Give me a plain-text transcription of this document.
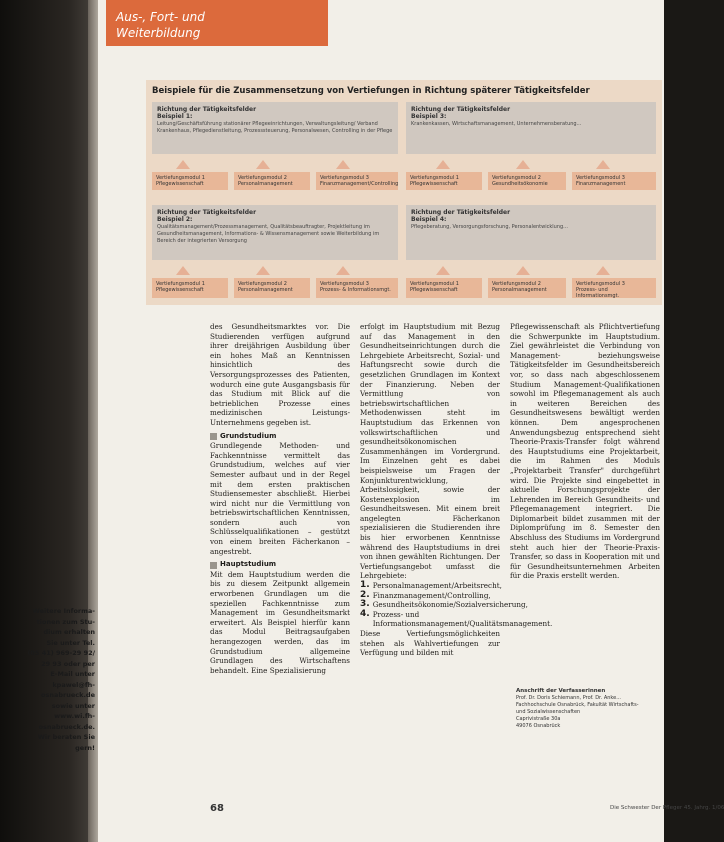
Weitere Informa-
tionen zum Stu-
dium erhalten
Sie unter Tel.
(05 41) 969-29 92/
29 93 oder per
E-Mail unter
kpawel@fh-
osnabrueck.de
sowie unter
www.wi.fh-
osnabrueck.de.
Wir beraten Sie
gern!
Aus-, Fort- und
Weiterbildung
Beispiele für die Zusammensetzung von Vertiefungen in Richtung späterer Tätigkeitsfelder
Richtung der Tätigkeitsfelder
Beispiel 1:
Leitung/Geschäftsführung stationärer Pflegeeinrichtungen, Verwaltungsleitung/ Verband Krankenhaus, Pflegedienstleitung, Prozesssteuerung, Personalwesen, Controlling in der Pflege
Richtung der Tätigkeitsfelder
Beispiel 3:
Krankenkassen, Wirtschaftsmanagement, Unternehmensberatung...
Vertiefungsmodul 1
Pflegewissenschaft
Vertiefungsmodul 2
Personalmanagement
Vertiefungsmodul 3
Finanzmanagement/Controlling
Vertiefungsmodul 1
Pflegewissenschaft
Vertiefungsmodul 2
Gesundheitsökonomie
Vertiefungsmodul 3
Finanzmanagement
Richtung der Tätigkeitsfelder
Beispiel 2:
Qualitätsmanagement/Prozessmanagement, Qualitätsbeauftragter, Projektleitung im Gesundheitsmanagement, Informations- & Wissensmanagement sowie Weiterbildung im Bereich der integrierten Versorgung
Richtung der Tätigkeitsfelder
Beispiel 4:
Pflegeberatung, Versorgungsforschung, Personalentwicklung...
Vertiefungsmodul 1
Pflegewissenschaft
Vertiefungsmodul 2
Personalmanagement
Vertiefungsmodul 3
Prozess- & Informationsmgt.
Vertiefungsmodul 1
Pflegewissenschaft
Vertiefungsmodul 2
Personalmanagement
Vertiefungsmodul 3
Prozess- und Informationsmgt.

des Gesundheitsmarktes vor. Die Studierenden verfügen aufgrund ihrer dreijährigen Ausbildung über ein hohes Maß an Kenntnissen hinsichtlich des Versorgungsprozesses des Patienten, wodurch eine gute Ausgangsbasis für das Studium mit Blick auf die betrieblichen Prozesse eines medizinischen Leistungs-Unternehmens gegeben ist.

Grundstudium

Grundlegende Methoden- und Fachkenntnisse vermittelt das Grundstudium, welches auf vier Semester aufbaut und in der Regel mit dem ersten praktischen Studiensemester abschließt. Hierbei wird nicht nur die Vermittlung von betriebswirtschaftlichen Kenntnissen, sondern auch von Schlüsselqualifikationen – gestützt von einem breiten Fächerkanon – angestrebt.

Hauptstudium

Mit dem Hauptstudium werden die bis zu diesem Zeitpunkt allgemein erworbenen Grundlagen um die speziellen Fachkenntnisse zum Management im Gesundheitsmarkt erweitert. Als Beispiel hierfür kann das Modul Beitragsaufgaben herangezogen werden, das im Grundstudium allgemeine Grundlagen des Wirtschaftens behandelt. Eine Spezialisierung

erfolgt im Hauptstudium mit Bezug auf das Management in den Gesundheitseinrichtungen durch die Lehrgebiete Arbeitsrecht, Sozial- und Haftungsrecht sowie durch die gesetzlichen Grundlagen im Kontext der Finanzierung. Neben der Vermittlung von betriebswirtschaftlichen Methodenwissen steht im Hauptstudium das Erkennen von volkswirtschaftlichen und gesundheitsökonomischen Zusammenhängen im Vordergrund. Im Einzelnen geht es dabei beispielsweise um Fragen der Konjunkturentwicklung, Arbeitslosigkeit, sowie der Kostenexplosion im Gesundheitswesen. Mit einem breit angelegten Fächerkanon spezialisieren die Studierenden ihre bis hier erworbenen Kenntnisse während des Hauptstudiums in drei von ihnen gewählten Richtungen. Der Vertiefungsangebot umfasst die Lehrgebiete:

1. Personalmanagement/Arbeitsrecht,
2. Finanzmanagement/Controlling,
3. Gesundheitsökonomie/Sozialversicherung,
4. Prozess- und Informationsmanagement/Qualitätsmanagement.

Diese Vertiefungsmöglichkeiten stehen als Wahlvertiefungen zur Verfügung und bilden mit

Pflegewissenschaft als Pflichtvertiefung die Schwerpunkte im Hauptstudium. Ziel gewährleistet die Verbindung von Management- beziehungsweise Tätigkeitsfelder im Gesundheitsbereich vor, so dass nach abgeschlossenem Studium Management-Qualifikationen sowohl im Pflegemanagement als auch in weiteren Bereichen des Gesundheitswesens bewältigt werden können. Dem angesprochenen Anwendungsbezug entsprechend sieht Theorie-Praxis-Transfer folgt während des Hauptstudiums eine Projektarbeit, die im Rahmen des Moduls „Projektarbeit Transfer" durchgeführt wird. Die Projekte sind eingebettet in aktuelle Forschungsprojekte der Lehrenden im Bereich Gesundheits- und Pflegemanagement integriert. Die Diplomarbeit bildet zusammen mit der Diplomprüfung im 8. Semester den Abschluss des Studiums im Vordergrund steht auch hier der Theorie-Praxis-Transfer, so dass in Kooperation mit und für Gesundheitsunternehmen Arbeiten für die Praxis erstellt werden.

Anschrift der Verfasserinnen
Prof. Dr. Doris Schiemann, Prof. Dr. Anke...
Fachhochschule Osnabrück, Fakultät Wirtschafts-
und Sozialwissenschaften
Caprivistraße 30a
49076 Osnabrück
68	Die Schwester Der Pfleger 45. Jahrg. 1/06
